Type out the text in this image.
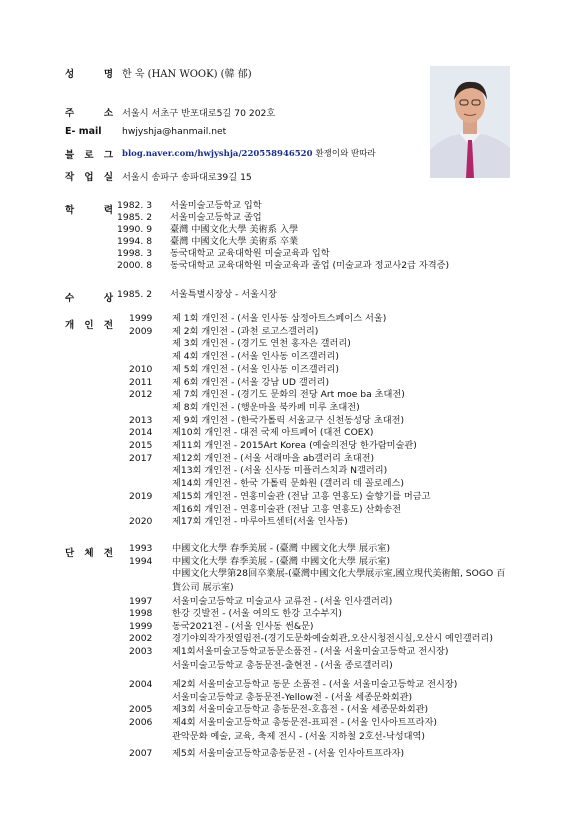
성	명 한 욱 (HAN WOOK) (韓 郁)
주	소 서울시 서초구 반포대로5길 70 202호
E- mail hwjyshja@hanmail.net
블 로 그 blog.naver.com/hwjyshja/220558946520 환쟁이와 딴따라
작 업 실 서울시 송파구 송파대로39길 15
학	력 1982. 3 서울미술고등학교 입학
1985. 2 서울미술고등학교 졸업
1990. 9 臺灣 中國文化大學 美術系 入學
1994. 8 臺灣 中國文化大學 美術系 卒業
1998. 3 동국대학교 교육대학원 미술교육과 입학
2000. 8 동국대학교 교육대학원 미술교육과 졸업 (미술교과 정교사2급 자격증)
수	상 1985. 2 서울특별시장상 - 서울시장
개 인 전
1999	제 1회 개인전 - (서울 인사동 삼정아트스페이스 서울)
2009	제 2회 개인전 - (과천 로고스갤러리)
제 3회 개인전 - (경기도 연천 홍자은 갤러리)
제 4회 개인전 - (서울 인사동 이즈갤러리)
2010	제 5회 개인전 - (서울 인사동 이즈갤러리)
2011	제 6회 개인전 - (서울 강남 UD 갤러리)
2012	제 7회 개인전 - (경기도 문화의 전당 Art moe ba 초대전)
제 8회 개인전 - (행운마을 북카페 미루 초대전)
2013	제 9회 개인전 - (한국가톨릭 서울교구 신천동성당 초대전)
2014	제10회 개인전 - 대전 국제 아트페어 (대전 COEX)
2015	제11회 개인전 - 2015Art Korea (예술의전당 한가람미술관)
2017	제12회 개인전 - (서울 서래마을 ab갤러리 초대전)
제13회 개인전 - (서울 신사동 미플러스치과 N갤러리)
제14회 개인전 - 한국 가톨릭 문화원 (갤러리 데 꼴로레스)
2019	제15회 개인전 - 연홍미술관 (전남 고흥 연홍도) 술향기를 머금고
제16회 개인전 - 연홍미술관 (전남 고흥 연홍도) 산화송전
2020	제17회 개인전 - 마루아트센터(서울 인사동)
단 체 전 1993	中國文化大學 春季美展 - (臺灣 中國文化大學 展示室)
1994	中國文化大學 春季美展 - (臺灣 中國文化大學 展示室)
中國文化大學第28回卒業展-(臺灣中國文化大學展示室,國立現代美術館, SOGO 百
貨公司 展示室)
1997	서울미술고등학교 미술교사 교류전 - (서울 인사갤러리)
1998	한강 깃발전 - (서울 여의도 한강 고수부지)
1999	동국2021전 - (서울 인사동 썬&문)
2002	경기야외작가젓열림전-(경기도문화예술회관,오산시청전시실,오산시 예인갤러리)
2003	제1회서울미술고등학교동문소품전 - (서울 서울미술고등학교 전시장)
서울미술고등학교 총동문전-출현전 - (서울 종로갤러리)
2004	제2회 서울미술고등학교 동문 소품전 - (서울 서울미술고등학교 전시장)
서울미술고등학교 총동문전-Yellow전 - (서울 세종문화회관)
2005	제3회 서울미술고등학교 총동문전-호흡전 - (서울 세종문화회관)
2006	제4회 서울미술고등학교 총동문전-표피전 - (서울 인사아트프라자)
관악문화 예술, 교육, 축제 전시 - (서울 지하철 2호선-낙성대역)
2007	제5회 서울미술고등학교총동문전 - (서울 인사아트프라자)
